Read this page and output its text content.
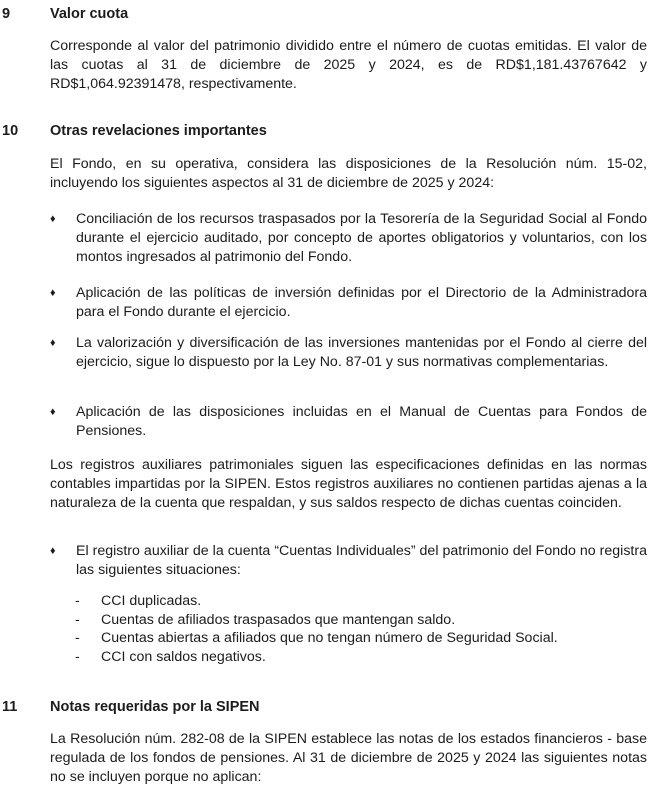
9	Valor cuota
Corresponde al valor del patrimonio dividido entre el número de cuotas emitidas. El valor de las cuotas al 31 de diciembre de 2025 y 2024, es de RD$1,181.43767642 y RD$1,064.92391478, respectivamente.
10 Otras revelaciones importantes
El Fondo, en su operativa, considera las disposiciones de la Resolución núm. 15-02, incluyendo los siguientes aspectos al 31 de diciembre de 2025 y 2024:
♦	Conciliación de los recursos traspasados por la Tesorería de la Seguridad Social al Fondo durante el ejercicio auditado, por concepto de aportes obligatorios y voluntarios, con los montos ingresados al patrimonio del Fondo.
♦	Aplicación de las políticas de inversión definidas por el Directorio de la Administradora para el Fondo durante el ejercicio.
♦	La valorización y diversificación de las inversiones mantenidas por el Fondo al cierre del ejercicio, sigue lo dispuesto por la Ley No. 87-01 y sus normativas complementarias.
♦	Aplicación de las disposiciones incluidas en el Manual de Cuentas para Fondos de Pensiones.
Los registros auxiliares patrimoniales siguen las especificaciones definidas en las normas contables impartidas por la SIPEN. Estos registros auxiliares no contienen partidas ajenas a la naturaleza de la cuenta que respaldan, y sus saldos respecto de dichas cuentas coinciden.
♦	El registro auxiliar de la cuenta “Cuentas Individuales” del patrimonio del Fondo no registra las siguientes situaciones:
- CCI duplicadas.
- Cuentas de afiliados traspasados que mantengan saldo.
- Cuentas abiertas a afiliados que no tengan número de Seguridad Social.
- CCI con saldos negativos.
11 Notas requeridas por la SIPEN
La Resolución núm. 282-08 de la SIPEN establece las notas de los estados financieros - base regulada de los fondos de pensiones. Al 31 de diciembre de 2025 y 2024 las siguientes notas no se incluyen porque no aplican:
